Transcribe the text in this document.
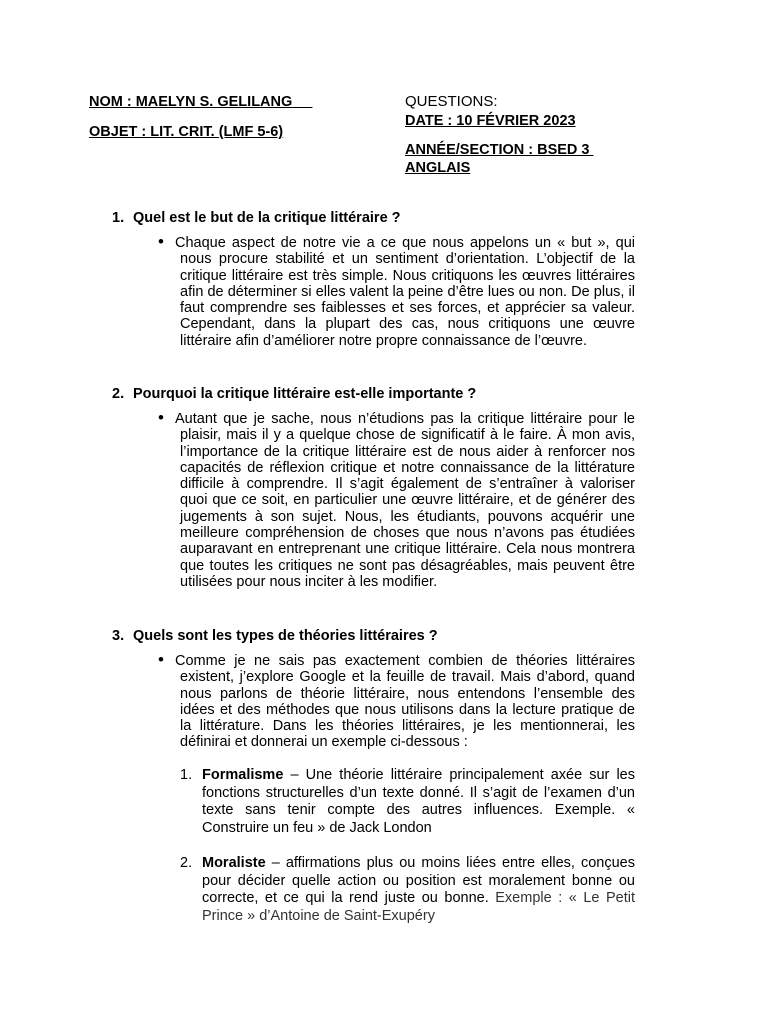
NOM : MAELYN S. GELILANG
OBJET : LIT. CRIT. (LMF 5-6)
QUESTIONS:
DATE : 10 FÉVRIER 2023
ANNÉE/SECTION : BSED 3
ANGLAIS
1. Quel est le but de la critique littéraire ?
• Chaque aspect de notre vie a ce que nous appelons un « but », qui nous procure stabilité et un sentiment d’orientation. L’objectif de la critique littéraire est très simple. Nous critiquons les œuvres littéraires afin de déterminer si elles valent la peine d’être lues ou non. De plus, il faut comprendre ses faiblesses et ses forces, et apprécier sa valeur. Cependant, dans la plupart des cas, nous critiquons une œuvre littéraire afin d’améliorer notre propre connaissance de l’œuvre.

2. Pourquoi la critique littéraire est-elle importante ?
• Autant que je sache, nous n’étudions pas la critique littéraire pour le plaisir, mais il y a quelque chose de significatif à le faire. À mon avis, l’importance de la critique littéraire est de nous aider à renforcer nos capacités de réflexion critique et notre connaissance de la littérature difficile à comprendre. Il s’agit également de s’entraîner à valoriser quoi que ce soit, en particulier une œuvre littéraire, et de générer des jugements à son sujet. Nous, les étudiants, pouvons acquérir une meilleure compréhension de choses que nous n’avons pas étudiées auparavant en entreprenant une critique littéraire. Cela nous montrera que toutes les critiques ne sont pas désagréables, mais peuvent être utilisées pour nous inciter à les modifier.

3. Quels sont les types de théories littéraires ?
• Comme je ne sais pas exactement combien de théories littéraires existent, j’explore Google et la feuille de travail. Mais d’abord, quand nous parlons de théorie littéraire, nous entendons l’ensemble des idées et des méthodes que nous utilisons dans la lecture pratique de la littérature. Dans les théories littéraires, je les mentionnerai, les définirai et donnerai un exemple ci-dessous :

1. Formalisme – Une théorie littéraire principalement axée sur les fonctions structurelles d’un texte donné. Il s’agit de l’examen d’un texte sans tenir compte des autres influences. Exemple. « Construire un feu » de Jack London

2. Moraliste – affirmations plus ou moins liées entre elles, conçues pour décider quelle action ou position est moralement bonne ou correcte, et ce qui la rend juste ou bonne. Exemple : « Le Petit Prince » d’Antoine de Saint-Exupéry
